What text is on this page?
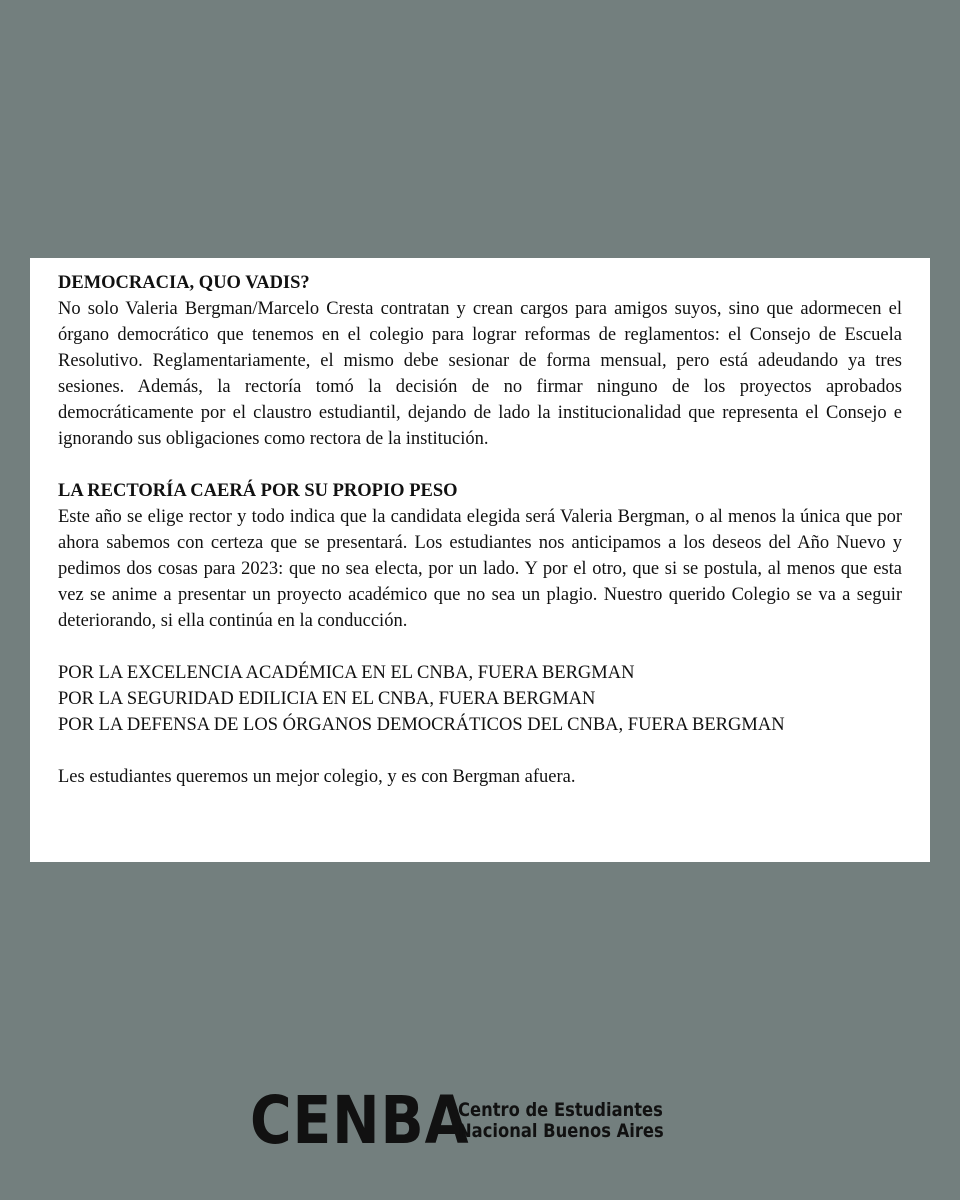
DEMOCRACIA, QUO VADIS?

No solo Valeria Bergman/Marcelo Cresta contratan y crean cargos para amigos suyos, sino que adormecen el órgano democrático que tenemos en el colegio para lograr reformas de reglamentos: el Consejo de Escuela Resolutivo. Reglamentariamente, el mismo debe sesionar de forma mensual, pero está adeudando ya tres sesiones. Además, la rectoría tomó la decisión de no firmar ninguno de los proyectos aprobados democráticamente por el claustro estudiantil, dejando de lado la institucionalidad que representa el Consejo e ignorando sus obligaciones como rectora de la institución.

LA RECTORÍA CAERÁ POR SU PROPIO PESO

Este año se elige rector y todo indica que la candidata elegida será Valeria Bergman, o al menos la única que por ahora sabemos con certeza que se presentará. Los estudiantes nos anticipamos a los deseos del Año Nuevo y pedimos dos cosas para 2023: que no sea electa, por un lado. Y por el otro, que si se postula, al menos que esta vez se anime a presentar un proyecto académico que no sea un plagio. Nuestro querido Colegio se va a seguir deteriorando, si ella continúa en la conducción.

POR LA EXCELENCIA ACADÉMICA EN EL CNBA, FUERA BERGMAN

POR LA SEGURIDAD EDILICIA EN EL CNBA, FUERA BERGMAN

POR LA DEFENSA DE LOS ÓRGANOS DEMOCRÁTICOS DEL CNBA, FUERA BERGMAN

Les estudiantes queremos un mejor colegio, y es con Bergman afuera.

CENBA
Centro de Estudiantes
Nacional Buenos Aires
